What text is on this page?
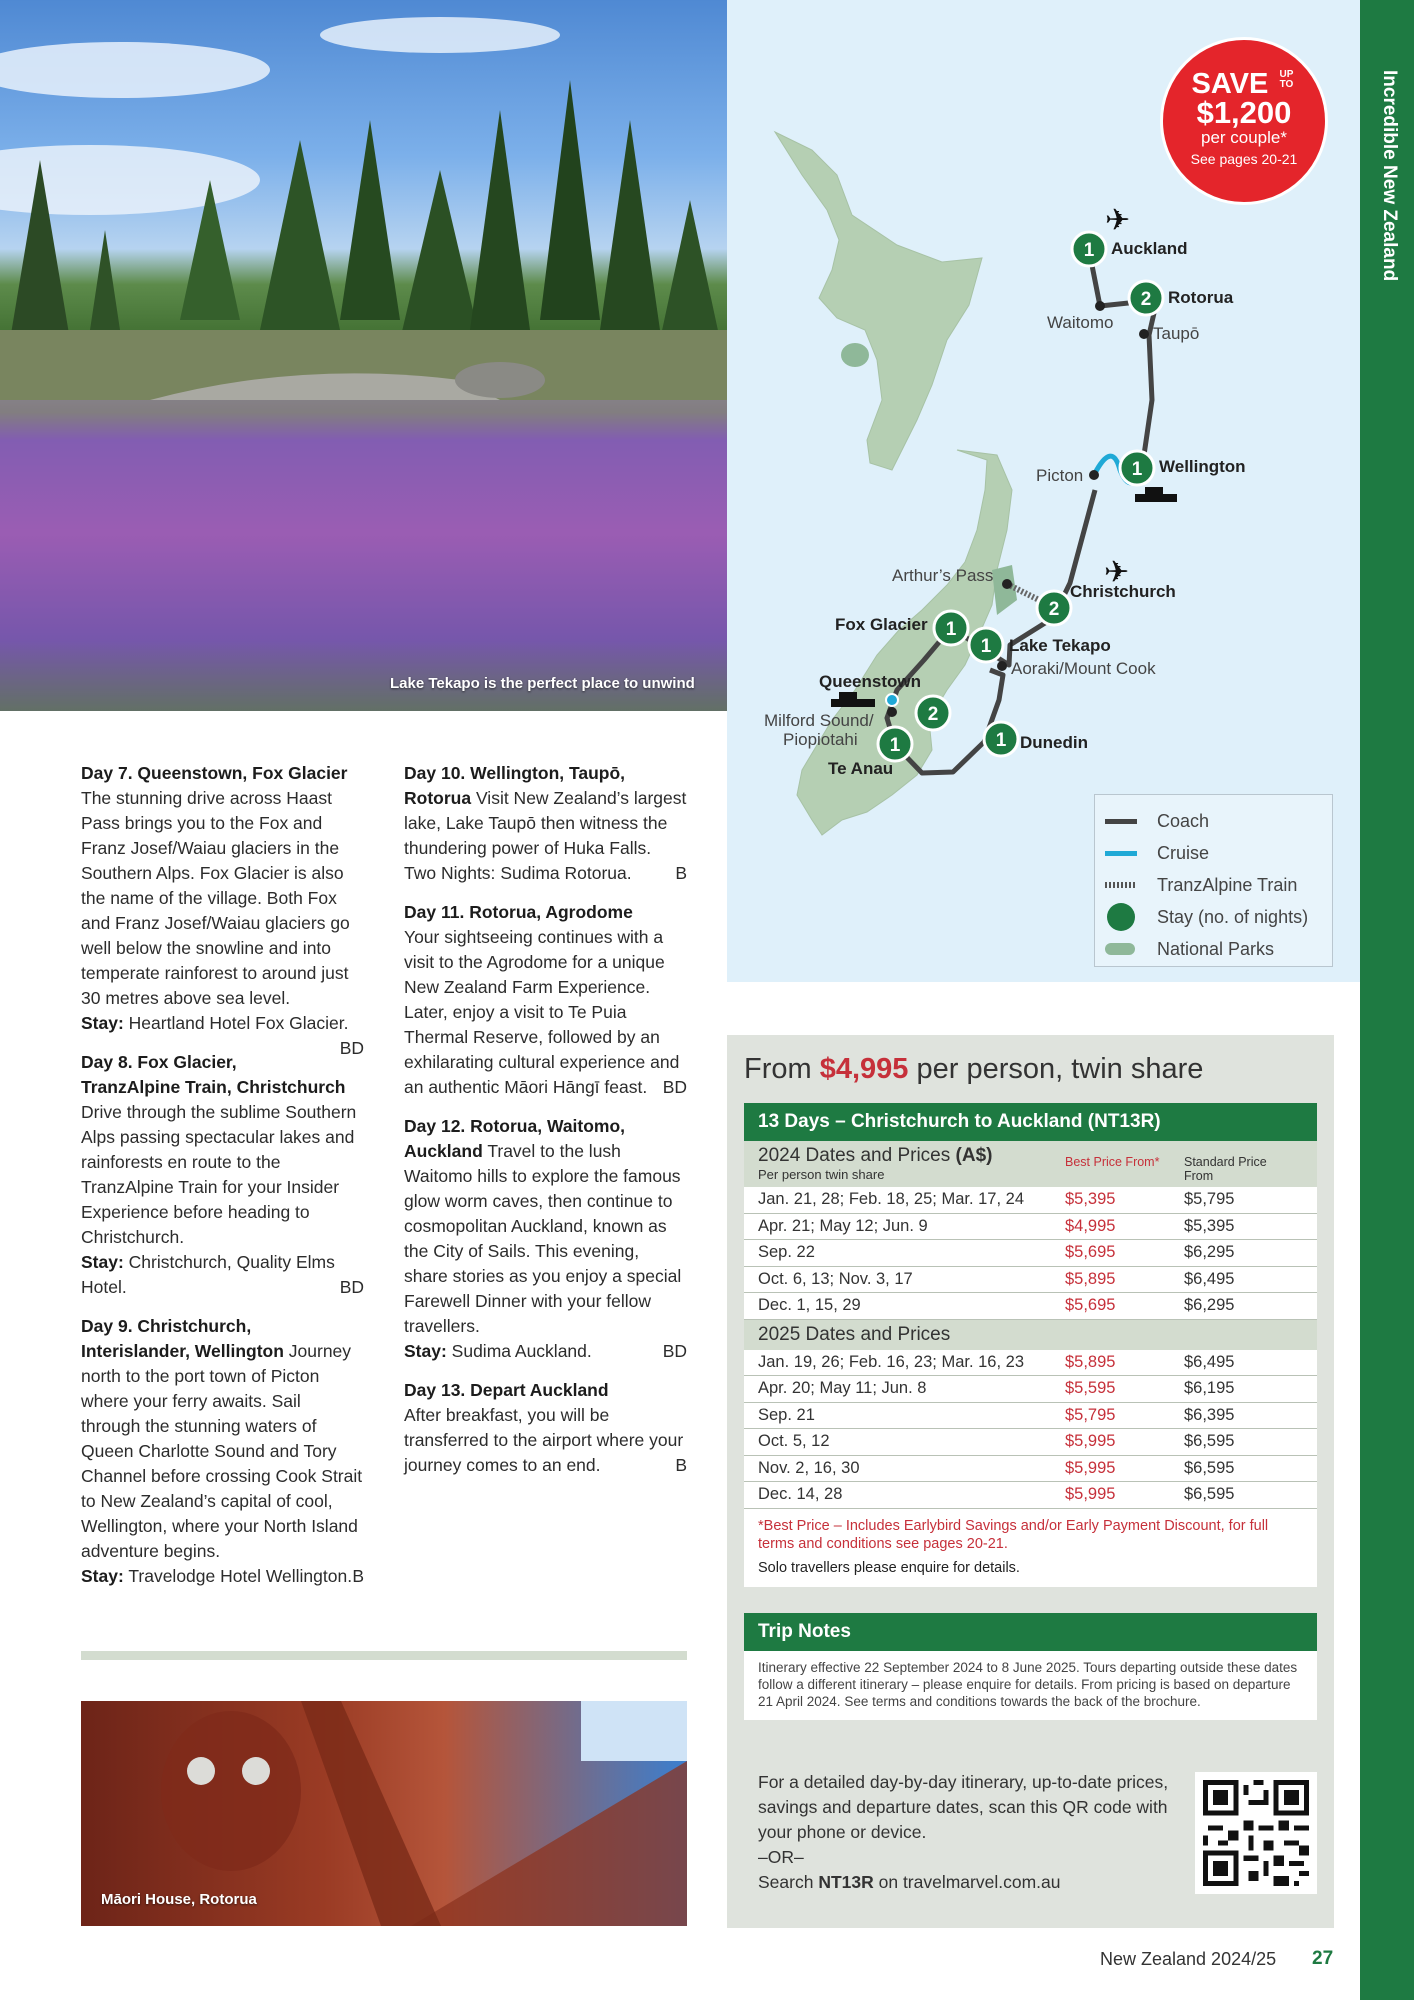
Incredible New Zealand
Lake Tekapo is the perfect place to unwind

Day 7. Queenstown, Fox Glacier
The stunning drive across Haast Pass brings you to the Fox and Franz Josef/Waiau glaciers in the Southern Alps. Fox Glacier is also the name of the village. Both Fox and Franz Josef/Waiau glaciers go well below the snowline and into temperate rainforest to around just 30 metres above sea level.
Stay: Heartland Hotel Fox Glacier.
BD

Day 8. Fox Glacier, TranzAlpine Train, Christchurch Drive through the sublime Southern Alps passing spectacular lakes and rainforests en route to the TranzAlpine Train for your Insider Experience before heading to Christchurch.
Stay: Christchurch, Quality Elms Hotel.	BD

Day 9. Christchurch, Interislander, Wellington Journey north to the port town of Picton where your ferry awaits. Sail through the stunning waters of Queen Charlotte Sound and Tory Channel before crossing Cook Strait to New Zealand’s capital of cool, Wellington, where your North Island adventure begins.
Stay: Travelodge Hotel Wellington. B

Day 10. Wellington, Taupō, Rotorua Visit New Zealand’s largest lake, Lake Taupō then witness the thundering power of Huka Falls.
Two Nights: Sudima Rotorua. B

Day 11. Rotorua, Agrodome
Your sightseeing continues with a visit to the Agrodome for a unique New Zealand Farm Experience. Later, enjoy a visit to Te Puia Thermal Reserve, followed by an exhilarating cultural experience and an authentic Māori Hāngī feast. BD

Day 12. Rotorua, Waitomo, Auckland Travel to the lush Waitomo hills to explore the famous glow worm caves, then continue to cosmopolitan Auckland, known as the City of Sails. This evening, share stories as you enjoy a special Farewell Dinner with your fellow travellers.
Stay: Sudima Auckland.	BD

Day 13. Depart Auckland
After breakfast, you will be transferred to the airport where your journey comes to an end.	B

Māori House, Rotorua
✈
✈
1
2
1
2
1
1
2
1	1
Auckland
Rotorua
Waitomo
Taupō
Wellington
Picton
Arthur’s Pass
Christchurch
Fox Glacier
Lake Tekapo
Aoraki/Mount Cook
Queenstown
Milford Sound/
Piopiotahi
Te Anau
Dunedin
SAVE UP TO
$1,200
per couple*
See pages 20-21
Coach
Cruise
TranzAlpine Train
Stay (no. of nights)
National Parks
From $4,995 per person, twin share
13 Days – Christchurch to Auckland (NT13R)
2024 Dates and Prices (A$)
Per person twin share
Best Price From*	Standard Price From
Jan. 21, 28; Feb. 18, 25; Mar. 17, 24	$5,395	$5,795
Apr. 21; May 12; Jun. 9	$4,995	$5,395
Sep. 22	$5,695	$6,295
Oct. 6, 13; Nov. 3, 17	$5,895	$6,495
Dec. 1, 15, 29	$5,695	$6,295
2025 Dates and Prices
Jan. 19, 26; Feb. 16, 23; Mar. 16, 23	$5,895	$6,495
Apr. 20; May 11; Jun. 8	$5,595	$6,195
Sep. 21	$5,795	$6,395
Oct. 5, 12	$5,995	$6,595
Nov. 2, 16, 30	$5,995	$6,595
Dec. 14, 28	$5,995	$6,595
*Best Price – Includes Earlybird Savings and/or Early Payment Discount, for full terms and conditions see pages 20-21.
Solo travellers please enquire for details.
Trip Notes
Itinerary effective 22 September 2024 to 8 June 2025. Tours departing outside these dates follow a different itinerary – please enquire for details. From pricing is based on departure 21 April 2024. See terms and conditions towards the back of the brochure.
For a detailed day-by-day itinerary, up-to-date prices, savings and departure dates, scan this QR code with your phone or device.
–OR–
Search NT13R on travelmarvel.com.au
New Zealand 2024/25 27
